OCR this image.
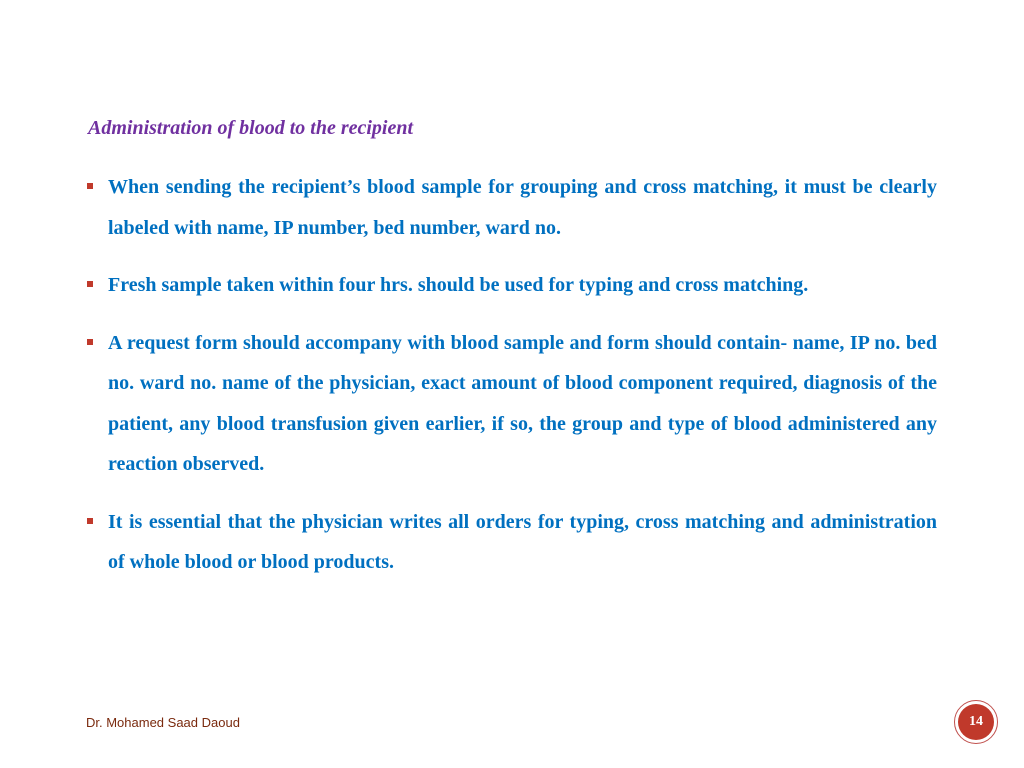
Administration of blood to the recipient
When sending the recipient’s blood sample for grouping and cross matching, it must be clearly labeled with name, IP number, bed number, ward no.
Fresh sample taken within four hrs. should be used for typing and cross matching.
A request form should accompany with blood sample and form should contain- name, IP no. bed no. ward no. name of the physician, exact amount of blood component required, diagnosis of the patient, any blood transfusion given earlier, if so, the group and type of blood administered any reaction observed.
It is essential that the physician writes all orders for typing, cross matching and administration of whole blood or blood products.
Dr. Mohamed Saad Daoud	14
